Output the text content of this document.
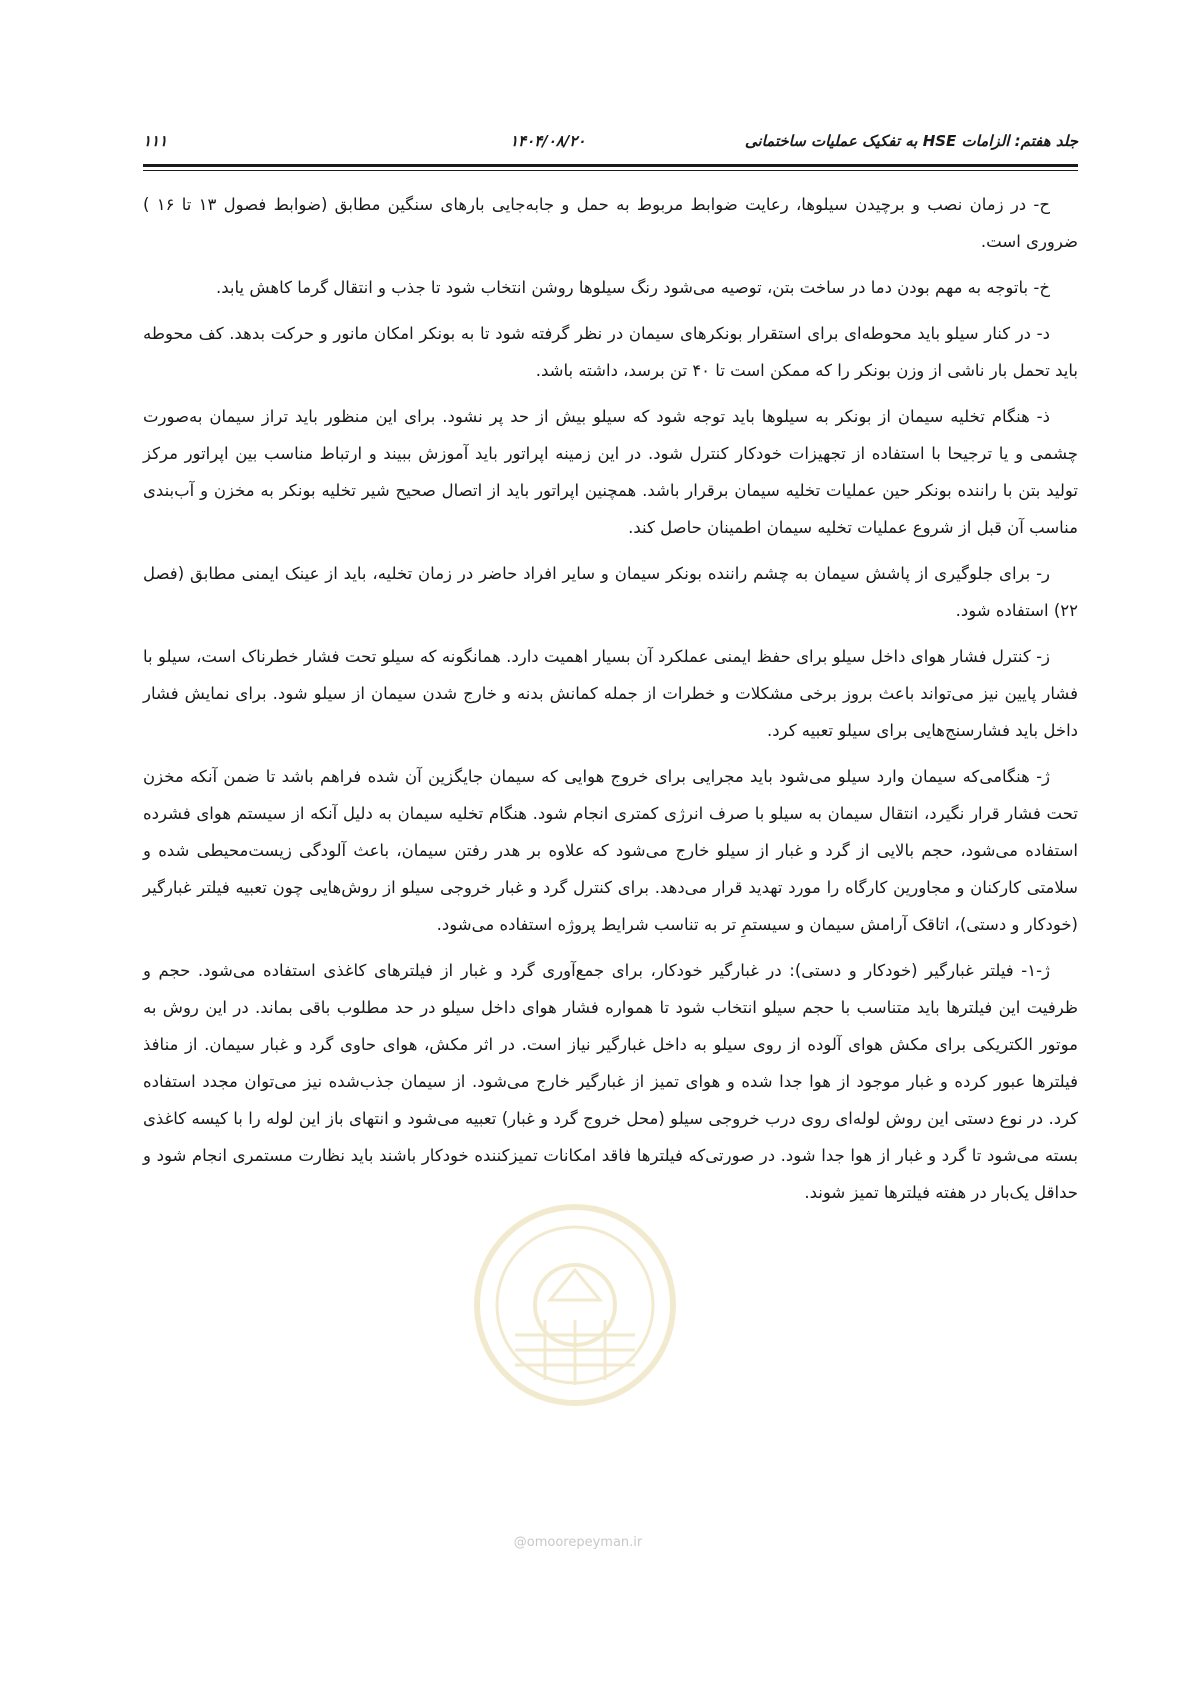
جلد هفتم: الزامات HSE به تفکیک عملیات ساختمانی
۱۴۰۴/۰۸/۲۰
۱۱۱

ح- در زمان نصب و برچیدن سیلوها، رعایت ضوابط مربوط به حمل و جابه‌جایی بارهای سنگین مطابق (ضوابط فصول ۱۳ تا ۱۶ ) ضروری است.

خ- باتوجه به مهم بودن دما در ساخت بتن، توصیه می‌شود رنگ سیلوها روشن انتخاب شود تا جذب و انتقال گرما کاهش یابد.

د- در کنار سیلو باید محوطه‌ای برای استقرار بونکرهای سیمان در نظر گرفته شود تا به بونکر امکان مانور و حرکت بدهد. کف محوطه باید تحمل بار ناشی از وزن بونکر را که ممکن است تا ۴۰ تن برسد، داشته باشد.

ذ- هنگام تخلیه سیمان از بونکر به سیلوها باید توجه شود که سیلو بیش از حد پر نشود. برای این منظور باید تراز سیمان به‌صورت چشمی و یا ترجیحا با استفاده از تجهیزات خودکار کنترل شود. در این زمینه اپراتور باید آموزش ببیند و ارتباط مناسب بین اپراتور مرکز تولید بتن با راننده بونکر حین عملیات تخلیه سیمان برقرار باشد. همچنین اپراتور باید از اتصال صحیح شیر تخلیه بونکر به مخزن و آب‌بندی مناسب آن قبل از شروع عملیات تخلیه سیمان اطمینان حاصل کند.

ر- برای جلوگیری از پاشش سیمان به چشم راننده بونکر سیمان و سایر افراد حاضر در زمان تخلیه، باید از عینک ایمنی مطابق (فصل ۲۲) استفاده شود.

ز- کنترل فشار هوای داخل سیلو برای حفظ ایمنی عملکرد آن بسیار اهمیت دارد. همانگونه که سیلو تحت فشار خطرناک است، سیلو با فشار پایین نیز می‌تواند باعث بروز برخی مشکلات و خطرات از جمله کمانش بدنه و خارج شدن سیمان از سیلو شود. برای نمایش فشار داخل باید فشارسنج‌هایی برای سیلو تعبیه کرد.

ژ- هنگامی‌که سیمان وارد سیلو می‌شود باید مجرایی برای خروج هوایی که سیمان جایگزین آن شده فراهم باشد تا ضمن آنکه مخزن تحت فشار قرار نگیرد، انتقال سیمان به سیلو با صرف انرژی کمتری انجام شود. هنگام تخلیه سیمان به دلیل آنکه از سیستم هوای فشرده استفاده می‌شود، حجم بالایی از گرد و غبار از سیلو خارج می‌شود که علاوه بر هدر رفتن سیمان، باعث آلودگی زیست‌محیطی شده و سلامتی کارکنان و مجاورین کارگاه را مورد تهدید قرار می‌دهد. برای کنترل گرد و غبار خروجی سیلو از روش‌هایی چون تعبیه فیلتر غبارگیر (خودکار و دستی)، اتاقک آرامش سیمان و سیستمِ تر به تناسب شرایط پروژه استفاده می‌شود.

ژ-۱- فیلتر غبارگیر (خودکار و دستی): در غبارگیر خودکار، برای جمع‌آوری گرد و غبار از فیلترهای کاغذی استفاده می‌شود. حجم و ظرفیت این فیلترها باید متناسب با حجم سیلو انتخاب شود تا همواره فشار هوای داخل سیلو در حد مطلوب باقی بماند. در این روش به موتور الکتریکی برای مکش هوای آلوده از روی سیلو به داخل غبارگیر نیاز است. در اثر مکش، هوای حاوی گرد و غبار سیمان. از منافذ فیلترها عبور کرده و غبار موجود از هوا جدا شده و هوای تمیز از غبارگیر خارج می‌شود. از سیمان جذب‌شده نیز می‌توان مجدد استفاده کرد. در نوع دستی این روش لوله‌ای روی درب خروجی سیلو (محل خروج گرد و غبار) تعبیه می‌شود و انتهای باز این لوله را با کیسه کاغذی بسته می‌شود تا گرد و غبار از هوا جدا شود. در صورتی‌که فیلترها فاقد امکانات تمیزکننده خودکار باشند باید نظارت مستمری انجام شود و حداقل یک‌بار در هفته فیلترها تمیز شوند.

@omoorepeyman.ir
